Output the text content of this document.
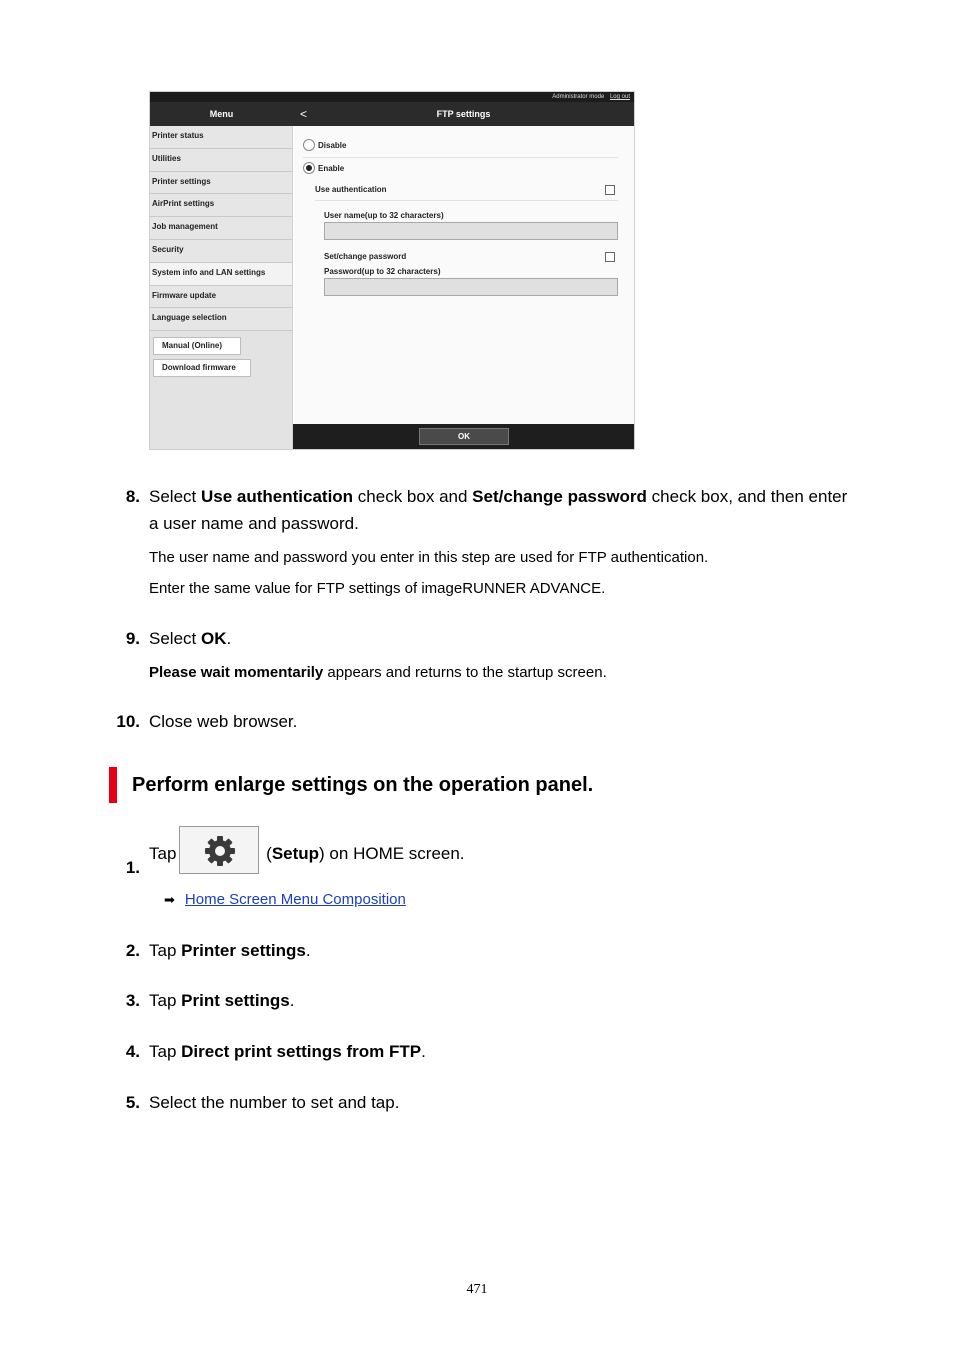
Administrator mode Log out
Menu	<	FTP settings
Printer status
Utilities
Printer settings
AirPrint settings
Job management
Security
System info and LAN settings
Firmware update
Language selection
Manual (Online)
Download firmware
Disable
Enable
Use authentication
User name(up to 32 characters)
Set/change password
Password(up to 32 characters)
OK
8. Select Use authentication check box and Set/change password check box, and then enter a user name and password.
The user name and password you enter in this step are used for FTP authentication.
Enter the same value for FTP settings of imageRUNNER ADVANCE.
9. Select OK.
Please wait momentarily appears and returns to the startup screen.
10. Close web browser.
Perform enlarge settings on the operation panel.
1.
Tap	(Setup) on HOME screen.
➡ Home Screen Menu Composition
2. Tap Printer settings.
3. Tap Print settings.
4. Tap Direct print settings from FTP.
5. Select the number to set and tap.
471
